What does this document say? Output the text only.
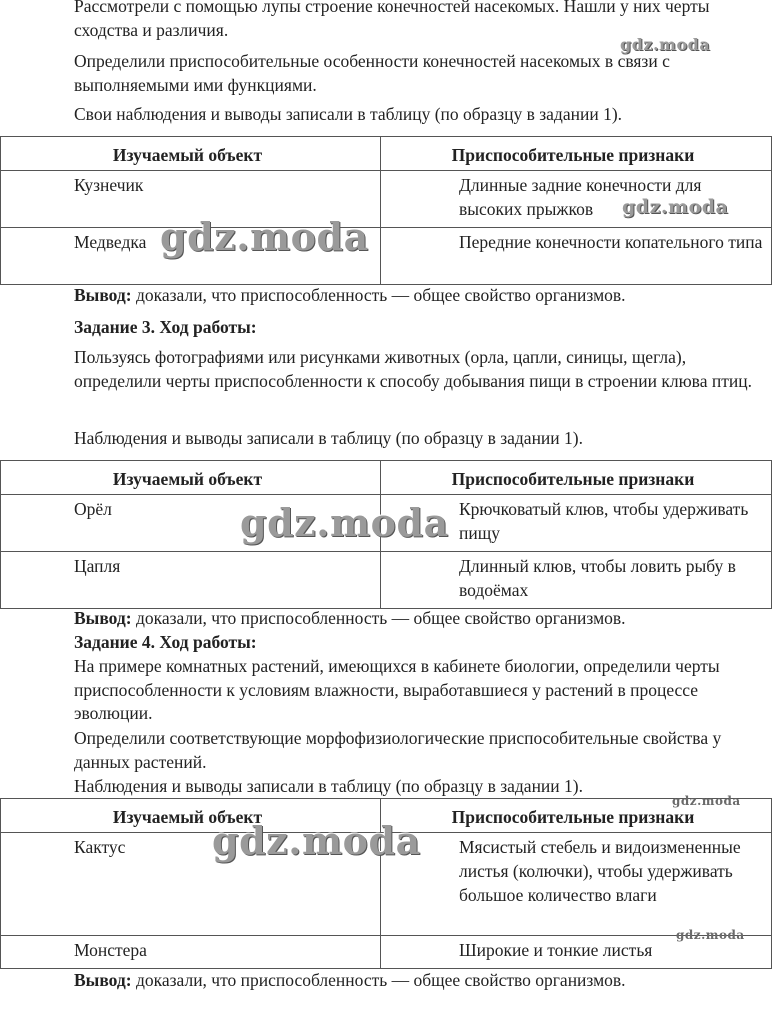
Рассмотрели с помощью лупы строение конечностей насекомых. Нашли у них черты сходства и различия.

Определили приспособительные особенности конечностей насекомых в связи с выполняемыми ими функциями.

Свои наблюдения и выводы записали в таблицу (по образцу в задании 1).

Изучаемый объект	Приспособительные признаки
Кузнечик	Длинные задние конечности для высоких прыжков
Медведка	Передние конечности копательного типа

Вывод: доказали, что приспособленность — общее свойство организмов.

Задание 3. Ход работы:

Пользуясь фотографиями или рисунками животных (орла, цапли, синицы, щегла), определили черты приспособленности к способу добывания пищи в строении клюва птиц.

Наблюдения и выводы записали в таблицу (по образцу в задании 1).

Изучаемый объект	Приспособительные признаки
Орёл	Крючковатый клюв, чтобы удерживать пищу
Цапля	Длинный клюв, чтобы ловить рыбу в водоёмах

Вывод: доказали, что приспособленность — общее свойство организмов.

Задание 4. Ход работы:

На примере комнатных растений, имеющихся в кабинете биологии, определили черты приспособленности к условиям влажности, выработавшиеся у растений в процессе эволюции.

Определили соответствующие морфофизиологические приспособительные свойства у данных растений.

Наблюдения и выводы записали в таблицу (по образцу в задании 1).

Изучаемый объект	Приспособительные признаки
Кактус	Мясистый стебель и видоизмененные листья (колючки), чтобы удерживать большое количество влаги
Монстера	Широкие и тонкие листья

Вывод: доказали, что приспособленность — общее свойство организмов.

gdz.moda
gdz.moda
gdz.moda
gdz.moda
gdz.moda
gdz.moda
gdz.moda
